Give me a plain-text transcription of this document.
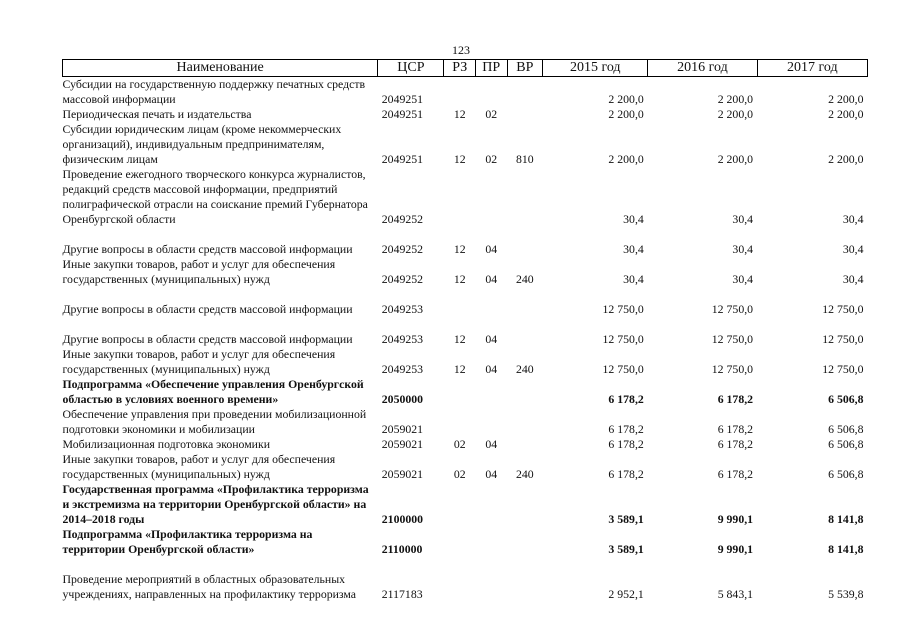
123
Наименование	ЦСР	РЗ	ПР	ВР	2015 год	2016 год	2017 год
Субсидии на государственную поддержку печатных средств массовой информации	2049251				2 200,0	2 200,0	2 200,0
Периодическая печать и издательства	2049251	12	02		2 200,0	2 200,0	2 200,0
Субсидии юридическим лицам (кроме некоммерческих организаций), индивидуальным предпринимателям, физическим лицам	2049251	12	02	810	2 200,0	2 200,0	2 200,0
Проведение ежегодного творческого конкурса журналистов, редакций средств массовой информации, предприятий полиграфической отрасли на соискание премий Губернатора Оренбургской области	2049252				30,4	30,4	30,4
Другие вопросы в области средств массовой информации	2049252	12	04		30,4	30,4	30,4
Иные закупки товаров, работ и услуг для обеспечения государственных (муниципальных) нужд	2049252	12	04	240	30,4	30,4	30,4
Другие вопросы в области средств массовой информации	2049253				12 750,0	12 750,0	12 750,0
Другие вопросы в области средств массовой информации	2049253	12	04		12 750,0	12 750,0	12 750,0
Иные закупки товаров, работ и услуг для обеспечения государственных (муниципальных) нужд	2049253	12	04	240	12 750,0	12 750,0	12 750,0
Подпрограмма «Обеспечение управления Оренбургской областью в условиях военного времени»	2050000				6 178,2	6 178,2	6 506,8
Обеспечение управления при проведении мобилизационной подготовки экономики и мобилизации	2059021				6 178,2	6 178,2	6 506,8
Мобилизационная подготовка экономики	2059021	02	04		6 178,2	6 178,2	6 506,8
Иные закупки товаров, работ и услуг для обеспечения государственных (муниципальных) нужд	2059021	02	04	240	6 178,2	6 178,2	6 506,8
Государственная программа «Профилактика терроризма и экстремизма на территории Оренбургской области» на 2014–2018 годы	2100000				3 589,1	9 990,1	8 141,8
Подпрограмма «Профилактика терроризма на территории Оренбургской области»	2110000				3 589,1	9 990,1	8 141,8
Проведение мероприятий в областных образовательных учреждениях, направленных на профилактику терроризма	2117183				2 952,1	5 843,1	5 539,8
